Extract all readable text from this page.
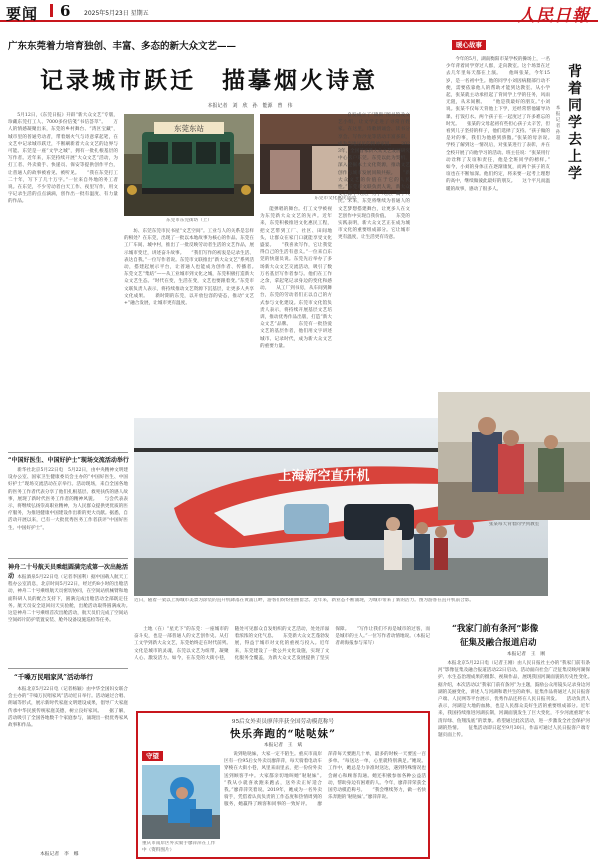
要闻 6 2025年5月23日 星期五	人民日報
广东东莞着力培育独创、丰富、多态的新大众文艺——
记录城市跃迁　描摹烟火诗意
本报记者　刘　欣　孙　能源　曾　伟

5月12日，《东莞日报》开辟“新大众文艺”专版，珍藏东莞打工人、7000多份信笺“书信荟萃”。　　万人的情感凝聚出来，东莞的乡村舞台、“湾区宝藏”，城市里的普通劳动者，带着烟火气与诗意拿起笔，在文艺中记录城市跃迁，不断刷新着大众文艺的边界与可能。东莞是一座“文学之城”，拥有一批扎根基层的写作者。近年来，东莞持续开展“大众文艺”活动，为打工者、外卖骑手、快递员、保安等提供创作平台，让普通人的故事被看见、被听见。　　“我在东莞打工二十年，写下了几十万字。”一位来自外地的务工者说。在东莞，不少劳动者白天工作、夜里写作，用文字记录生活的点点滴滴，创作出一批有温度、有力量的作品。

东莞东站
东莞市东莞街坊（上）

坊、东莞东莞市民书屋“文艺空间”。工业与人的关系是怎样的相处？在东莞，出现了一批以本地故事为核心的作品。东莞在工厂车间、城中村，推出了一批反映劳动者生活的文艺作品，展示城市变迁，讲述奋斗故事。　　“我们写作的初衷是记录生活、表达自我。”一位写作者说。东莞市文联推出“新大众文艺”系列活动，搭建起展示平台，让普通人也能成为创作者、传播者。　　东莞文艺“集结”——从工业城市到文化之城，东莞积极打造新大众文艺生态。“时代在变，生活在变，文艺也要跟着变。”东莞市文联负责人表示，将持续推动文艺资源下沉基层，让更多人共享文化成果。　　新时期的东莞，以开放包容的姿态，推动“文艺+”融合发展，让城市更有温度。

东莞市文化惠民活动

能弹唱的舞台。打工文学被视为东莞新大众文艺的先声。近年来，东莞积极推进文化惠民工程，把文艺带到工厂、社区、田间地头，让群众在家门口就能享受文化盛宴。　　“我喜欢写作，它让我觉得自己的生活有意义。”一位来自东莞的快递员说。东莞先后举办了多场新大众文艺交流活动，吸引了数万名基层写作者参与。他们在工作之余，拿起笔记录身边的变化和感动。　　从工厂到书房，从车间到舞台，东莞的劳动者们正以自己的方式参与文化建设。东莞市文化馆负责人表示，将持续开展基层文艺培训，推动优秀作品出版，打造“新大众文艺”品牌。　　东莞有一批热爱文艺的基层作者，他们用文字讲述城市、记录时代，成为新大众文艺的重要力量。

自发成立了“镇街”图书馆及文艺小组，让文学走进了寻常百姓家。在这里，诗歌朗诵会、读书分享会、写作沙龙等活动丰富多彩，成为当地居民的精神家园。　　2023年，全国首家新大众文艺发展研究中心落户东莞。东莞以此为契机，深入挖掘本土文化资源，推动文艺创作与城市发展同频共振。　　“新大众文艺的价值在于它的人民性。”东莞市文联负责人说，新大众文艺源于人民、为了人民、属于人民。未来，东莞将继续为普通人的文艺梦想搭建舞台，让更多人在文艺创作中实现自我价值。　　东莞的实践表明，新大众文艺正在成为城市文化的重要组成部分。它让城市更有温度，让生活更有诗意。

上海新空直升机
近日，随着一架以上海城市美景为涂装的直升机降落在黄浦江畔，游客们纷纷拍照留念。近年来，新业态不断涌现，为城市带来了新的活力。图为游客在直升机前合影。
暖心故事
背着同学去上学
本报记者　孙　超

今年的5月，湖南衡阳市某学校的操场上，一名少年背着同学穿过人群，走向教室。这个场景在过去几年里每天都在上演。　　他叫张某，今年15岁，是一名初中生。他的同学小刘因病腿部行动不便，需要依靠他人的帮助才能到达教室。从小学起，张某就主动承担起了背同学上学的任务，风雨无阻，从未间断。　　“他是我最好的朋友。”小刘说。张某不仅每天背他上下学，还经常帮他辅导功课、打饭打水。两个孩子在一起度过了许多难忘的时光。　　张某的父母起初有些担心孩子太辛苦，但看到儿子坚持的样子，他们选择了支持。“孩子做的是对的事，我们为他感到骄傲。”张某的母亲说。　　学校了解到这一情况后，对张某进行了表彰，并在全校开展了向他学习的活动。班主任说：“张某用行动诠释了友谊和责任，他是全班同学的榜样。”　　如今，小刘的身体正在逐渐康复，而两个孩子的友谊也在不断加深。他们约定，将来要一起考上理想的高中，继续做彼此最好的朋友。　　这个平凡而温暖的故事，感动了很多人。

张某每天背着同学到教室
“我家门前有条河”影像
征集及融合报道启动
本报记者　王　刚

本报北京5月22日电（记者王刚）由人民日报社主办的“我家门前有条河”影像征集及融合报道活动22日启动。活动面向社会广泛征集反映河湖保护、水生态治理成果的摄影、视频作品，展现我国河湖面貌的历史性变化。　　据介绍，本次活动以“我家门前有条河”为主题，鼓励公众用镜头记录身边河湖的美丽变化，讲述人与河湖和谐共生的故事。征集作品将通过人民日报客户端、人民网等平台展示，优秀作品还将在人民日报刊发。　　活动负责人表示，河湖是大地的血脉，也是人民群众美好生活的重要组成部分。近年来，我国持续推进河湖长制，河湖面貌发生了巨大变化，不少河流重现“水清岸绿、鱼翔浅底”的景象。希望通过此次活动，进一步激发全社会保护河湖的热情。　　征集活动即日起至9月30日，作品可通过人民日报客户端专题页面上传。

“中国好医生、中国好护士”现场交流活动举行

新华社北京5月22日电　5月22日，由中央精神文明建设办公室、国家卫生健康委员会主办的“中国好医生、中国好护士”现场交流活动在京举行。活动现场，来自全国各地的医务工作者代表分享了他们扎根基层、救死扶伤的感人故事，展现了新时代医务工作者的精神风貌。　　与会代表表示，将继续弘扬崇高职业精神，为人民群众提供更优质的医疗服务，为推进健康中国建设作出新的更大贡献。据悉，自活动开展以来，已有一大批优秀医务工作者获评“中国好医生、中国好护士”。

神舟二十号航天员乘组圆满完成第一次出舱活动 本报酒泉5月22日电（记者李国利）据中国载人航天工程办公室消息，北京时间5月22日，经过约8小时的出舱活动，神舟二十号乘组航天员密切协同，在空间站机械臂和地面科研人员的配合支持下，圆满完成出舱活动全部既定任务。航天员安全返回问天实验舱，出舱活动取得圆满成功。　　这是神舟二十号乘组首次出舱活动，航天员们完成了空间站空间碎片防护装置安装、舱外设备设施巡检等任务。

“千嗓万民唱家风”活动举行

本报北京5月22日电（记者杨颖）由中华全国妇女联合会主办的“千嗓万民唱家风”活动近日举行。活动通过合唱、朗诵等形式，展示新时代家庭文明建设成果，倡导广大家庭传承中华民族传统家庭美德，树立良好家风。　　据了解，活动吸引了全国各地数千个家庭参与，涌现出一批优秀家风故事和作品。

本报记者　李　娜

土地（在）“星光下”的东莞：一座城市的奋斗史，也是一部普通人的文艺创作史。从打工文学到新大众文艺，东莞始终走在时代前列。　　文化是城市的灵魂，东莞以文艺为纽带，凝聚人心、激发活力。如今，在东莞的大街小巷，随处可见群众自发组织的文艺活动，处处洋溢着浓浓的文化气息。　　东莞新大众文艺蓬勃发展，得益于城市对文化的重视与投入。近年来，东莞建设了一批公共文化设施，实现了文化服务全覆盖，为新大众文艺发展提供了坚实保障。　　“写作让我们不再是城市的过客，而是城市的主人。”一位写作者动情地说。（本报记者胡海报参与采写）

95后女外卖员廖萍萍获全国劳动模范称号
快乐奔跑的“哒哒妹”
本报记者　王　斌
守望
重庆市南岸区外卖骑手廖萍萍在工作中（资料图片）

说到哒哒妹，大家一定不陌生。重庆市南岸区有一位95后女外卖员廖萍萍，每天骑着电动车穿梭在大街小巷，风里来雨里去，把一份份外卖送到顾客手中。大家都亲切地叫她“哒哒妹”。　　“我从小就喜欢跑来跑去，送外卖正好适合我。”廖萍萍笑着说。2019年，她成为一名外卖骑手，凭借着认真负责的工作态度和热情周到的服务，她赢得了顾客和同事的一致好评。　　廖萍萍每天要跑几十单，最多的时候一天要送一百多单。“每送达一单，心里就特别满足。”她说。工作中，她总是力争准时送达，遇到特殊情况也会耐心和顾客沟通。她还积极参加各种公益活动，帮助身边有困难的人。今年，廖萍萍荣获全国劳动模范称号。　　“我会继续努力，做一名快乐奔跑的‘哒哒妹’。”廖萍萍说。
